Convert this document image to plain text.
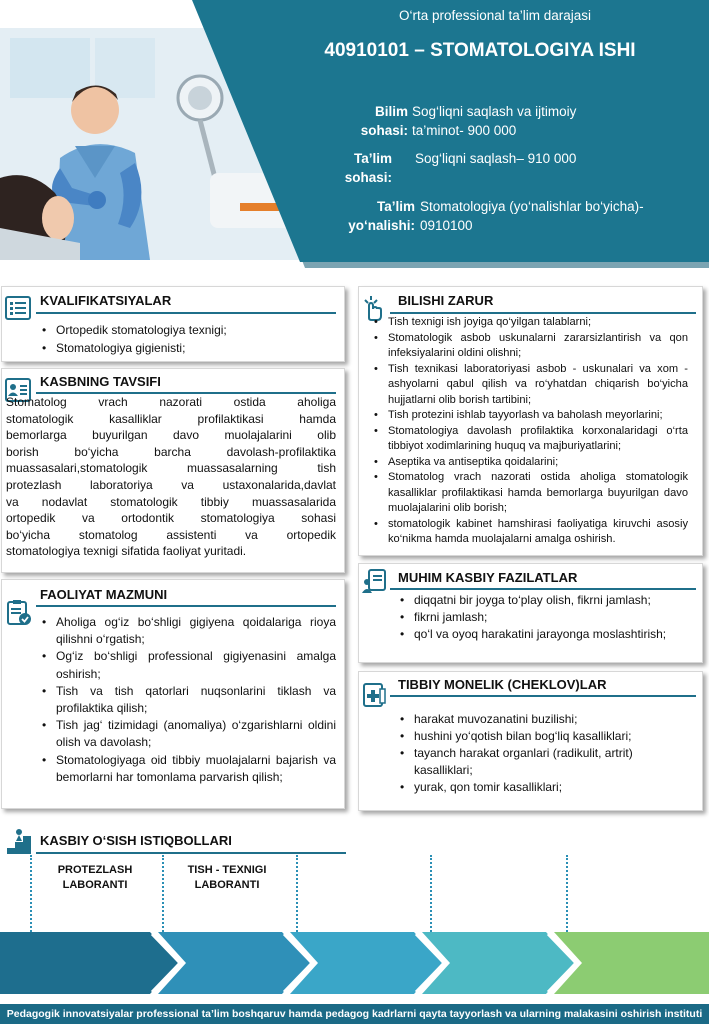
O‘rta professional ta’lim darajasi
40910101 – STOMATOLOGIYA ISHI
Bilim
sohasi:
Sog‘liqni saqlash va ijtimoiy
ta’minot- 900 000
Ta’lim
sohasi:
Sog‘liqni saqlash– 910 000
Ta’lim
yo‘nalishi:
Stomatologiya (yo‘nalishlar bo‘yicha)-
0910100
KVALIFIKATSIYALAR
• Ortopedik stomatologiya texnigi;
• Stomatologiya gigienisti;
KASBNING TAVSIFI
Stomatolog vrach nazorati ostida aholiga
stomatologik kasalliklar profilaktikasi hamda
bemorlarga buyurilgan davo muolajalarini olib
borish bo‘yicha barcha davolash-profilaktika
muassasalari,stomatologik muassasalarning tish
protezlash laboratoriya va ustaxonalarida,davlat
va nodavlat stomatologik tibbiy muassasalarida
ortopedik va ortodontik stomatologiya sohasi
bo‘yicha stomatolog assistenti va ortopedik
stomatologiya texnigi sifatida faoliyat yuritadi.
FAOLIYAT MAZMUNI
• Aholiga og‘iz bo‘shligi gigiyena qoidalariga rioya qilishni o‘rgatish;
• Og‘iz bo‘shligi professional gigiyenasini amalga oshirish;
• Tish va tish qatorlari nuqsonlarini tiklash va profilaktika qilish;
• Tish jag‘ tizimidagi (anomaliya) o‘zgarishlarni oldini olish va davolash;
• Stomatologiyaga oid tibbiy muolajalarni bajarish va bemorlarni har tomonlama parvarish qilish;
BILISHI ZARUR
• Tish texnigi ish joyiga qo‘yilgan talablarni;
• Stomatologik asbob uskunalarni zararsizlantirish va qon infeksiyalarini oldini olishni;
• Tish texnikasi laboratoriyasi asbob - uskunalari va xom - ashyolarni qabul qilish va ro‘yhatdan chiqarish bo‘yicha hujjatlarni olib borish tartibini;
• Tish protezini ishlab tayyorlash va baholash meyorlarini;
• Stomatologiya davolash profilaktika korxonalaridagi o‘rta tibbiyot xodimlarining huquq va majburiyatlarini;
• Aseptika va antiseptika qoidalarini;
• Stomatolog vrach nazorati ostida aholiga stomatologik kasalliklar profilaktikasi hamda bemorlarga buyurilgan davo muolajalarini olib borish;
• stomatologik kabinet hamshirasi faoliyatiga kiruvchi asosiy ko‘nikma hamda muolajalarni amalga oshirish.
MUHIM KASBIY FAZILATLAR
• diqqatni bir joyga to‘play olish, fikrni jamlash;
• fikrni jamlash;
• qo‘l va oyoq harakatini jarayonga moslashtirish;
TIBBIY MONELIK (CHEKLOV)LAR
• harakat muvozanatini buzilishi;
• hushini yo‘qotish bilan bog‘liq kasalliklari;
• tayanch harakat organlari (radikulit, artrit) kasalliklari;
• yurak, qon tomir kasalliklari;
KASBIY O‘SISH ISTIQBOLLARI
PROTEZLASH
LABORANTI
TISH - TEXNIGI
LABORANTI
Pedagogik innovatsiyalar professional ta’lim boshqaruv hamda pedagog kadrlarni qayta tayyorlash va ularning malakasini oshirish instituti
